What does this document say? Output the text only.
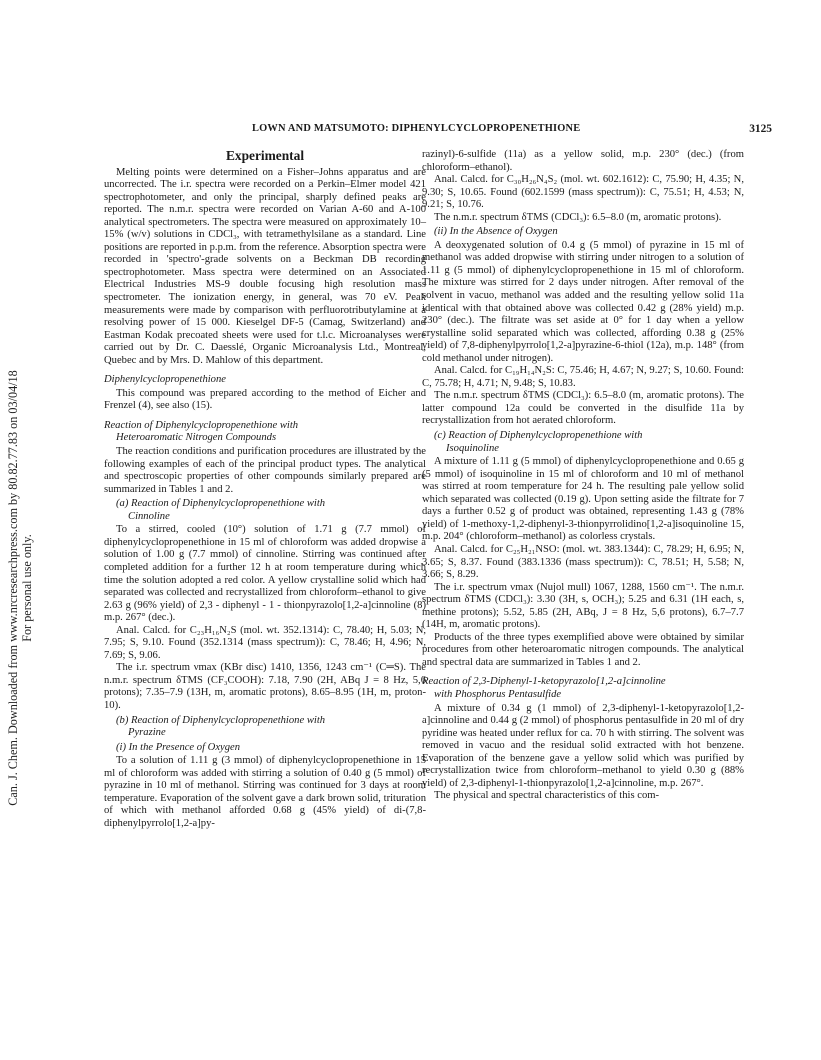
Can. J. Chem. Downloaded from www.nrcresearchpress.com by 80.82.77.83 on 03/04/18 For personal use only.
LOWN AND MATSUMOTO: DIPHENYLCYCLOPROPENETHIONE	3125
Experimental

Melting points were determined on a Fisher–Johns apparatus and are uncorrected. The i.r. spectra were recorded on a Perkin–Elmer model 421 spectrophotometer, and only the principal, sharply defined peaks are reported. The n.m.r. spectra were recorded on Varian A-60 and A-100 analytical spectrometers. The spectra were measured on approximately 10–15% (w/v) solutions in CDCl₃, with tetramethylsilane as a standard. Line positions are reported in p.p.m. from the reference. Absorption spectra were recorded in 'spectro'-grade solvents on a Beckman DB recording spectrophotometer. Mass spectra were determined on an Associated Electrical Industries MS-9 double focusing high resolution mass spectrometer. The ionization energy, in general, was 70 eV. Peak measurements were made by comparison with perfluorotributylamine at a resolving power of 15 000. Kieselgel DF-5 (Camag, Switzerland) and Eastman Kodak precoated sheets were used for t.l.c. Microanalyses were carried out by Dr. C. Daesslé, Organic Microanalysis Ltd., Montreal, Quebec and by Mrs. D. Mahlow of this department.

Diphenylcyclopropenethione

This compound was prepared according to the method of Eicher and Frenzel (4), see also (15).

Reaction of Diphenylcyclopropenethione with
Heteroaromatic Nitrogen Compounds

The reaction conditions and purification procedures are illustrated by the following examples of each of the principal product types. The analytical and spectroscopic properties of other compounds similarly prepared are summarized in Tables 1 and 2.

(a) Reaction of Diphenylcyclopropenethione with
Cinnoline

To a stirred, cooled (10°) solution of 1.71 g (7.7 mmol) of diphenylcyclopropenethione in 15 ml of chloroform was added dropwise a solution of 1.00 g (7.7 mmol) of cinnoline. Stirring was continued after completed addition for a further 12 h at room temperature during which time the solution adopted a red color. A yellow crystalline solid which had separated was collected and recrystallized from chloroform–ethanol to give 2.63 g (96% yield) of 2,3 - diphenyl - 1 - thionpyrazolo[1,2-a]cinnoline (8) m.p. 267° (dec.).

Anal. Calcd. for C₂₃H₁₆N₂S (mol. wt. 352.1314): C, 78.40; H, 5.03; N, 7.95; S, 9.10. Found (352.1314 (mass spectrum)): C, 78.46; H, 4.96; N, 7.69; S, 9.06.

The i.r. spectrum νmax (KBr disc) 1410, 1356, 1243 cm⁻¹ (C═S). The n.m.r. spectrum δTMS (CF₃COOH): 7.18, 7.90 (2H, ABq J = 8 Hz, 5,6 protons); 7.35–7.9 (13H, m, aromatic protons), 8.65–8.95 (1H, m, proton-10).

(b) Reaction of Diphenylcyclopropenethione with
Pyrazine
(i) In the Presence of Oxygen

To a solution of 1.11 g (3 mmol) of diphenylcyclopropenethione in 15 ml of chloroform was added with stirring a solution of 0.40 g (5 mmol) of pyrazine in 10 ml of methanol. Stirring was continued for 3 days at room temperature. Evaporation of the solvent gave a dark brown solid, trituration of which with methanol afforded 0.68 g (45% yield) of di-(7,8-diphenylpyrrolo[1,2-a]py-

razinyl)-6-sulfide (11a) as a yellow solid, m.p. 230° (dec.) (from chloroform–ethanol).

Anal. Calcd. for C₃₀H₂₆N₄S₂ (mol. wt. 602.1612): C, 75.90; H, 4.35; N, 9.30; S, 10.65. Found (602.1599 (mass spectrum)): C, 75.51; H, 4.53; N, 9.21; S, 10.76.

The n.m.r. spectrum δTMS (CDCl₃): 6.5–8.0 (m, aromatic protons).

(ii) In the Absence of Oxygen

A deoxygenated solution of 0.4 g (5 mmol) of pyrazine in 15 ml of methanol was added dropwise with stirring under nitrogen to a solution of 1.11 g (5 mmol) of diphenylcyclopropenethione in 15 ml of chloroform. The mixture was stirred for 2 days under nitrogen. After removal of the solvent in vacuo, methanol was added and the resulting yellow solid 11a identical with that obtained above was collected 0.42 g (28% yield) m.p. 230° (dec.). The filtrate was set aside at 0° for 1 day when a yellow crystalline solid separated which was collected, affording 0.38 g (25% yield) of 7,8-diphenylpyrrolo[1,2-a]pyrazine-6-thiol (12a), m.p. 148° (from cold methanol under nitrogen).

Anal. Calcd. for C₁₉H₁₄N₂S: C, 75.46; H, 4.67; N, 9.27; S, 10.60. Found: C, 75.78; H, 4.71; N, 9.48; S, 10.83.

The n.m.r. spectrum δTMS (CDCl₃): 6.5–8.0 (m, aromatic protons). The latter compound 12a could be converted in the disulfide 11a by recrystallization from hot aerated chloroform.

(c) Reaction of Diphenylcyclopropenethione with
Isoquinoline

A mixture of 1.11 g (5 mmol) of diphenylcyclopropenethione and 0.65 g (5 mmol) of isoquinoline in 15 ml of chloroform and 10 ml of methanol was stirred at room temperature for 24 h. The resulting pale yellow solid which separated was collected (0.19 g). Upon setting aside the filtrate for 7 days a further 0.52 g of product was obtained, representing 1.43 g (78% yield) of 1-methoxy-1,2-diphenyl-3-thionpyrrolidino[1,2-a]isoquinoline 15, m.p. 204° (chloroform–methanol) as colorless crystals.

Anal. Calcd. for C₂₅H₂₁NSO: (mol. wt. 383.1344): C, 78.29; H, 6.95; N, 3.65; S, 8.37. Found (383.1336 (mass spectrum)): C, 78.51; H, 5.58; N, 3.66; S, 8.29.

The i.r. spectrum νmax (Nujol mull) 1067, 1288, 1560 cm⁻¹. The n.m.r. spectrum δTMS (CDCl₃): 3.30 (3H, s, OCH₃); 5.25 and 6.31 (1H each, s, methine protons); 5.52, 5.85 (2H, ABq, J = 8 Hz, 5,6 protons), 6.7–7.7 (14H, m, aromatic protons).

Products of the three types exemplified above were obtained by similar procedures from other heteroaromatic nitrogen compounds. The analytical and spectral data are summarized in Tables 1 and 2.

Reaction of 2,3-Diphenyl-1-ketopyrazolo[1,2-a]cinnoline
with Phosphorus Pentasulfide

A mixture of 0.34 g (1 mmol) of 2,3-diphenyl-1-ketopyrazolo[1,2-a]cinnoline and 0.44 g (2 mmol) of phosphorus pentasulfide in 20 ml of dry pyridine was heated under reflux for ca. 70 h with stirring. The solvent was removed in vacuo and the residual solid extracted with hot benzene. Evaporation of the benzene gave a yellow solid which was purified by recrystallization twice from chloroform–methanol to yield 0.30 g (88% yield) of 2,3-diphenyl-1-thionpyrazolo[1,2-a]cinnoline, m.p. 267°.

The physical and spectral characteristics of this com-
